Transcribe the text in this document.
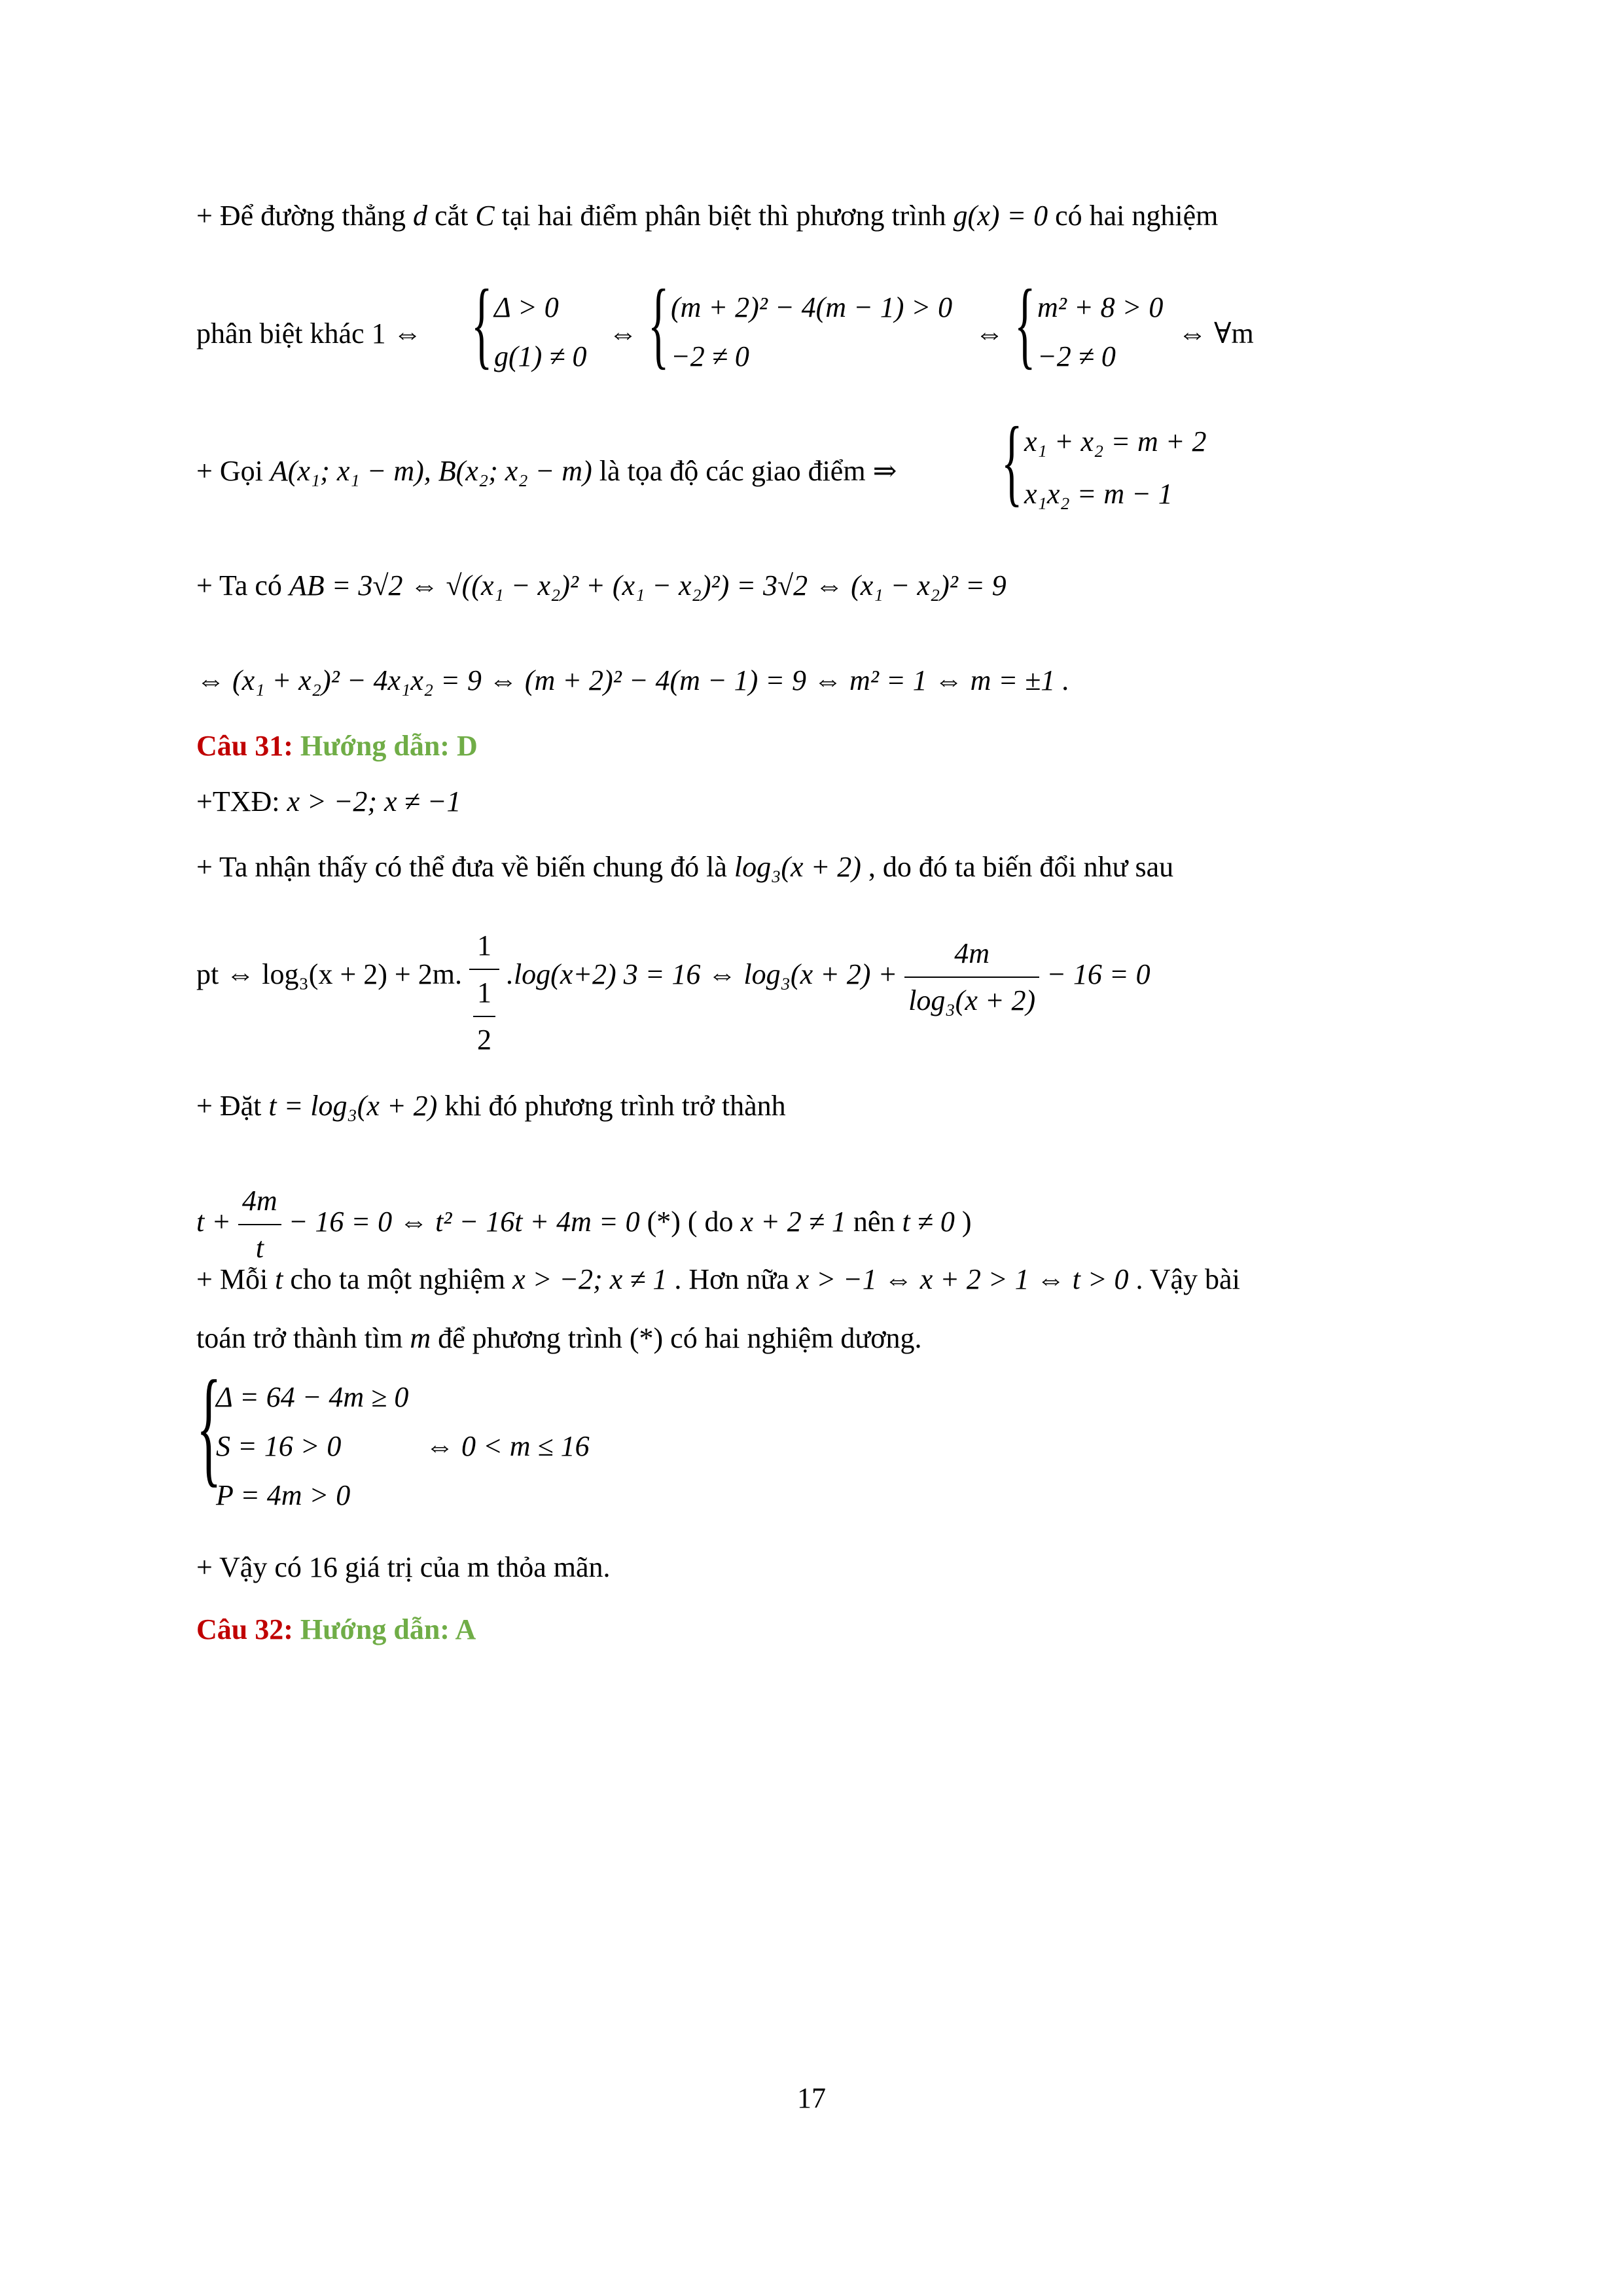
+ Để đường thẳng d cắt C tại hai điểm phân biệt thì phương trình g(x) = 0 có hai nghiệm
phân biệt khác 1 ⇔ { Δ > 0
g(1) ≠ 0
⇔ { (m + 2)² − 4(m − 1) > 0
−2 ≠ 0
⇔ { m² + 8 > 0
−2 ≠ 0
⇔ ∀m
+ Gọi A(x₁; x₁ − m), B(x₂; x₂ − m) là tọa độ các giao điểm ⇒ { x₁ + x₂ = m + 2
x₁x₂ = m − 1
+ Ta có AB = 3√2 ⇔ √((x₁ − x₂)² + (x₁ − x₂)²) = 3√2 ⇔ (x₁ − x₂)² = 9
⇔ (x₁ + x₂)² − 4x₁x₂ = 9 ⇔ (m + 2)² − 4(m − 1) = 9 ⇔ m² = 1 ⇔ m = ±1 .
Câu 31: Hướng dẫn: D
+TXĐ: x > −2; x ≠ −1
+ Ta nhận thấy có thể đưa về biến chung đó là log₃(x + 2) , do đó ta biến đổi như sau
pt ⇔ log₃(x + 2) + 2m. $\frac{1}{\frac{1}{2}} .\log(x+2) 3 = 16$ ⇔ $\log_3(x + 2) + \frac{4m}{\text{log₃(x + 2)}} - 16 = 0$
+ Đặt t = log₃(x + 2) khi đó phương trình trở thành
$t + \frac{4m}{t} - 16 = 0$ ⇔ t² − 16t + 4m = 0 (*) ( do x + 2 ≠ 1 nên t ≠ 0 )
+ Mỗi t cho ta một nghiệm x > −2; x ≠ 1 . Hơn nữa x > −1 ⇔ x + 2 > 1 ⇔ t > 0 . Vậy bài
toán trở thành tìm m để phương trình (*) có hai nghiệm dương.
{
Δ = 64 − 4m ≥ 0
S = 16 > 0
P = 4m > 0
⇔ 0 < m ≤ 16
+ Vậy có 16 giá trị của m thỏa mãn.
Câu 32: Hướng dẫn: A
17
